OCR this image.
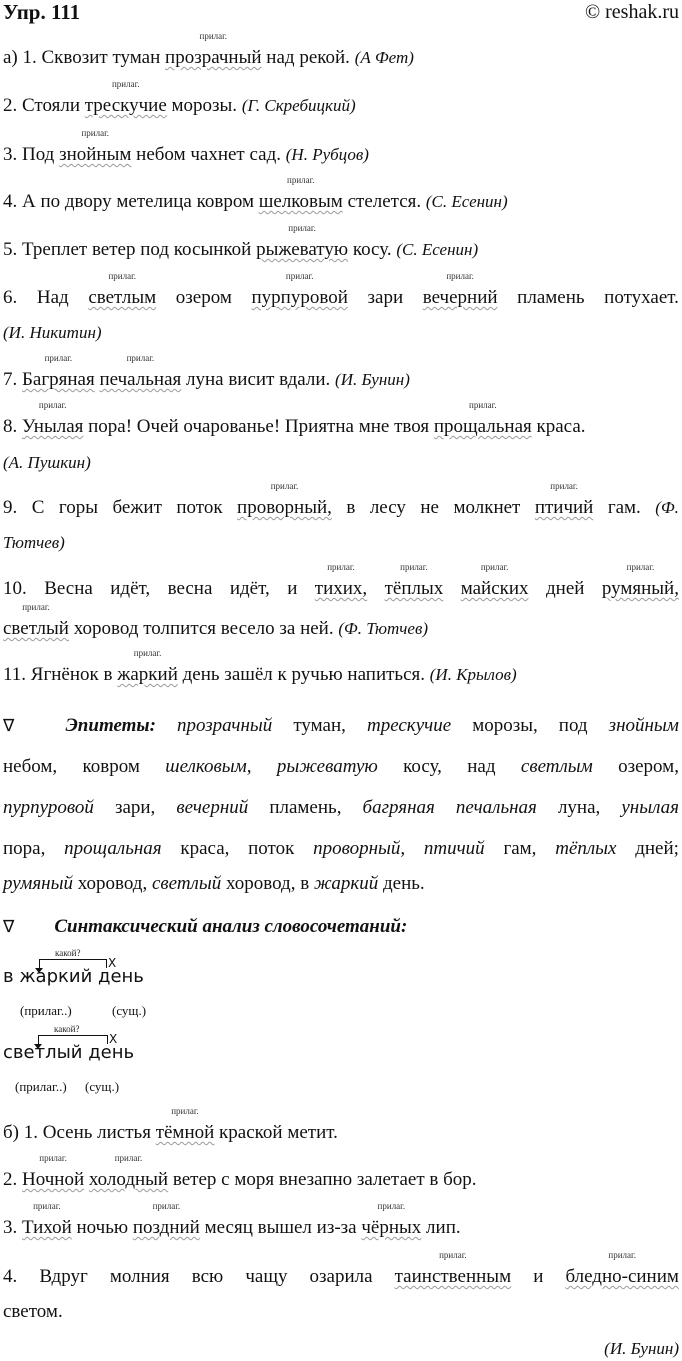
Упр. 111	© reshak.ru
а) 1. Сквозит туман
прилаг.
прозрачный над рекой. (А Фет)
2. Стояли
прилаг.
трескучие морозы. (Г. Скребицкий)
3. Под
прилаг.
знойным небом чахнет сад. (Н. Рубцов)
4. А по двору метелица ковром
прилаг.
шелковым стелется. (С. Есенин)
5. Треплет ветер под косынкой
прилаг.
рыжеватую косу. (С. Есенин)
6. Над
прилаг.
светлым озером
прилаг.
пурпуровой зари
прилаг.
вечерний пламень потухает.
(И. Никитин)
7.
прилаг.
Багряная
прилаг.
печальная луна висит вдали. (И. Бунин)
8.
прилаг.
Унылая пора! Очей очарованье! Приятна мне твоя
прилаг.
прощальная краса.
(А. Пушкин)
9. С горы бежит поток
прилаг.
проворный, в лесу не молкнет
прилаг.
птичий гам. (Ф.
Тютчев)
10. Весна идёт, весна идёт, и
прилаг.
тихих,
прилаг.
тёплых
прилаг.
майских дней
прилаг.
румяный,
прилаг.
светлый хоровод толпится весело за ней. (Ф. Тютчев)
11. Ягнёнок в
прилаг.
жаркий день зашёл к ручью напиться. (И. Крылов)
∇	Эпитеты: прозрачный туман, трескучие морозы, под знойным
небом, ковром шелковым, рыжеватую косу, над светлым озером,
пурпуровой зари, вечерний пламень, багряная печальная луна, унылая
пора, прощальная краса, поток проворный, птичий гам, тёплых дней;
румяный хоровод, светлый хоровод, в жаркий день.
∇ Синтаксический анализ словосочетаний:
какой?
X
в жаркий день
(прилаг..)	(сущ.)
какой?
X
светлый день
(прилаг..) (сущ.)
б) 1. Осень листья
прилаг.
тёмной краской метит.
2.
прилаг.
Ночной
прилаг.
холодный ветер с моря внезапно залетает в бор.
3.
прилаг.
Тихой ночью
прилаг.
поздний месяц вышел из-за
прилаг.
чёрных лип.
4. Вдруг молния всю чащу озарила
прилаг.
таинственным и
прилаг.
бледно-синим
светом.
(И. Бунин)
